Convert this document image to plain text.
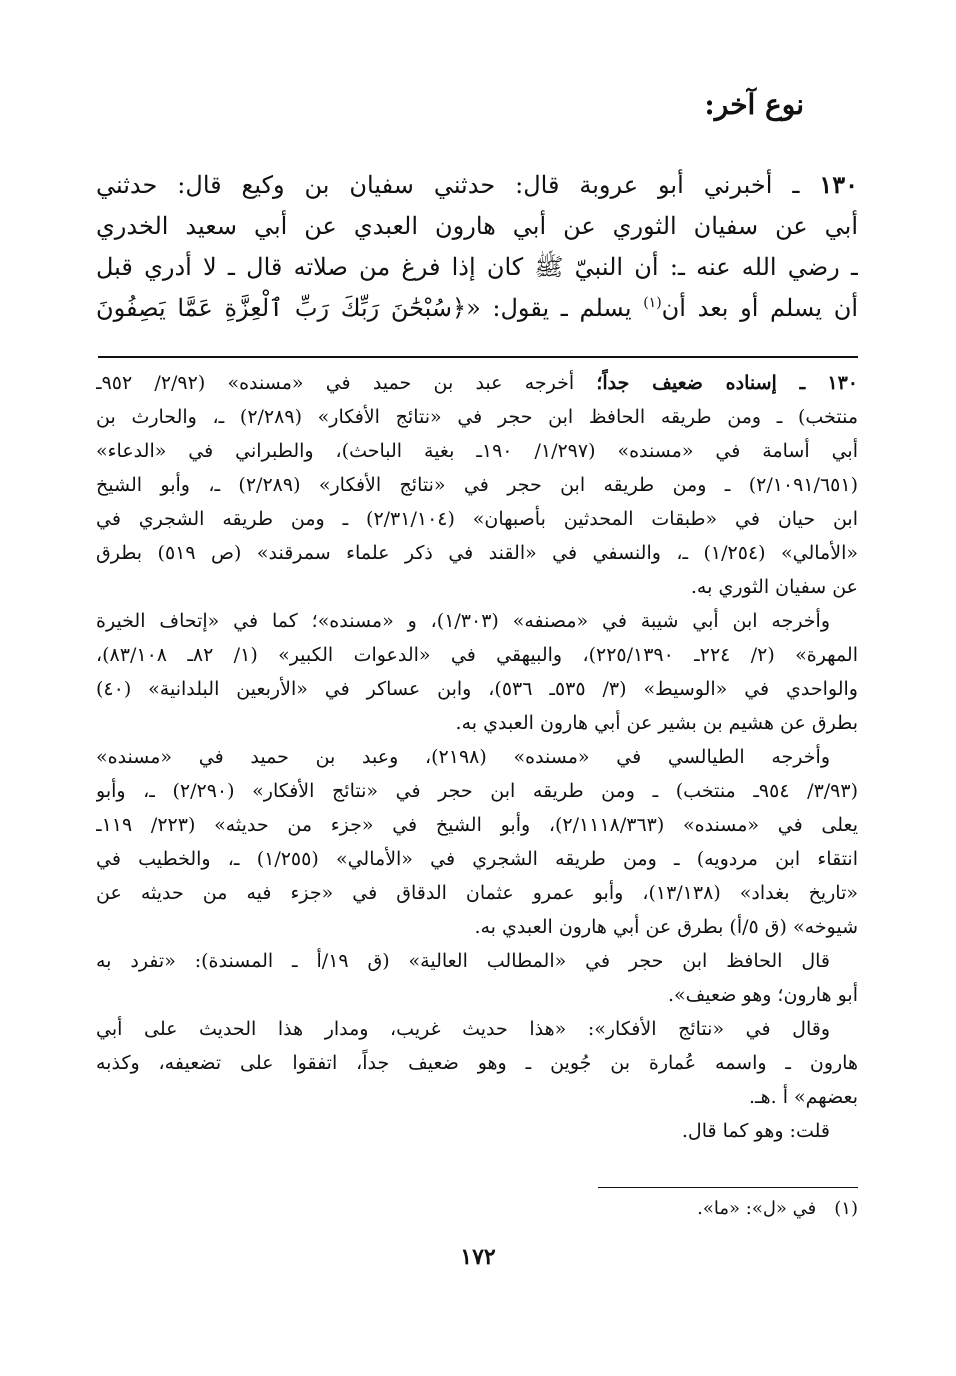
نوع آخر:
١٣٠ ـ أخبرني أبو عروبة قال: حدثني سفيان بن وكيع قال: حدثني
أبي عن سفيان الثوري عن أبي هارون العبدي عن أبي سعيد الخدري
ـ رضي الله عنه ـ: أن النبيّ ﷺ كان إذا فرغ من صلاته قال ـ لا أدري قبل
أن يسلم أو بعد أن$^{(١)}$ يسلم ـ يقول: «﴿سُبْحَٰنَ رَبِّكَ رَبِّ ٱلْعِزَّةِ عَمَّا يَصِفُونَ
١٣٠ ـ إسناده ضعيف جداً؛ أخرجه عبد بن حميد في «مسنده» (٢/٩٢/ ٩٥٢ـ
منتخب) ـ ومن طريقه الحافظ ابن حجر في «نتائج الأفكار» (٢/٢٨٩) ـ، والحارث بن
أبي أسامة في «مسنده» (١/٢٩٧/ ١٩٠ـ بغية الباحث)، والطبراني في «الدعاء»
(٢/١٠٩١/٦٥١) ـ ومن طريقه ابن حجر في «نتائج الأفكار» (٢/٢٨٩) ـ، وأبو الشيخ
ابن حيان في «طبقات المحدثين بأصبهان» (٢/٣١/١٠٤) ـ ومن طريقه الشجري في
«الأمالي» (١/٢٥٤) ـ، والنسفي في «القند في ذكر علماء سمرقند» (ص ٥١٩) بطرق
عن سفيان الثوري به.
وأخرجه ابن أبي شيبة في «مصنفه» (١/٣٠٣)، و «مسنده»؛ كما في «إتحاف الخيرة
المهرة» (٢/ ٢٢٤ـ ٢٢٥/١٣٩٠)، والبيهقي في «الدعوات الكبير» (١/ ٨٢ـ ٨٣/١٠٨)،
والواحدي في «الوسيط» (٣/ ٥٣٥ـ ٥٣٦)، وابن عساكر في «الأربعين البلدانية» (٤٠)
بطرق عن هشيم بن بشير عن أبي هارون العبدي به.
وأخرجه الطيالسي في «مسنده» (٢١٩٨)، وعبد بن حميد في «مسنده»
(٣/٩٣/ ٩٥٤ـ منتخب) ـ ومن طريقه ابن حجر في «نتائج الأفكار» (٢/٢٩٠) ـ، وأبو
يعلى في «مسنده» (٢/١١١٨/٣٦٣)، وأبو الشيخ في «جزء من حديثه» (٢٢٣/ ١١٩ـ
انتقاء ابن مردويه) ـ ومن طريقه الشجري في «الأمالي» (١/٢٥٥) ـ، والخطيب في
«تاريخ بغداد» (١٣/١٣٨)، وأبو عمرو عثمان الدقاق في «جزء فيه من حديثه عن
شيوخه» (ق ٥/أ) بطرق عن أبي هارون العبدي به.
قال الحافظ ابن حجر في «المطالب العالية» (ق ١٩/أ ـ المسندة): «تفرد به
أبو هارون؛ وهو ضعيف».
وقال في «نتائج الأفكار»: «هذا حديث غريب، ومدار هذا الحديث على أبي
هارون ـ واسمه عُمارة بن جُوين ـ وهو ضعيف جداً، اتفقوا على تضعيفه، وكذبه
بعضهم» أ .هـ.
قلت: وهو كما قال.
(١)في «ل»: «ما».
١٧٢
